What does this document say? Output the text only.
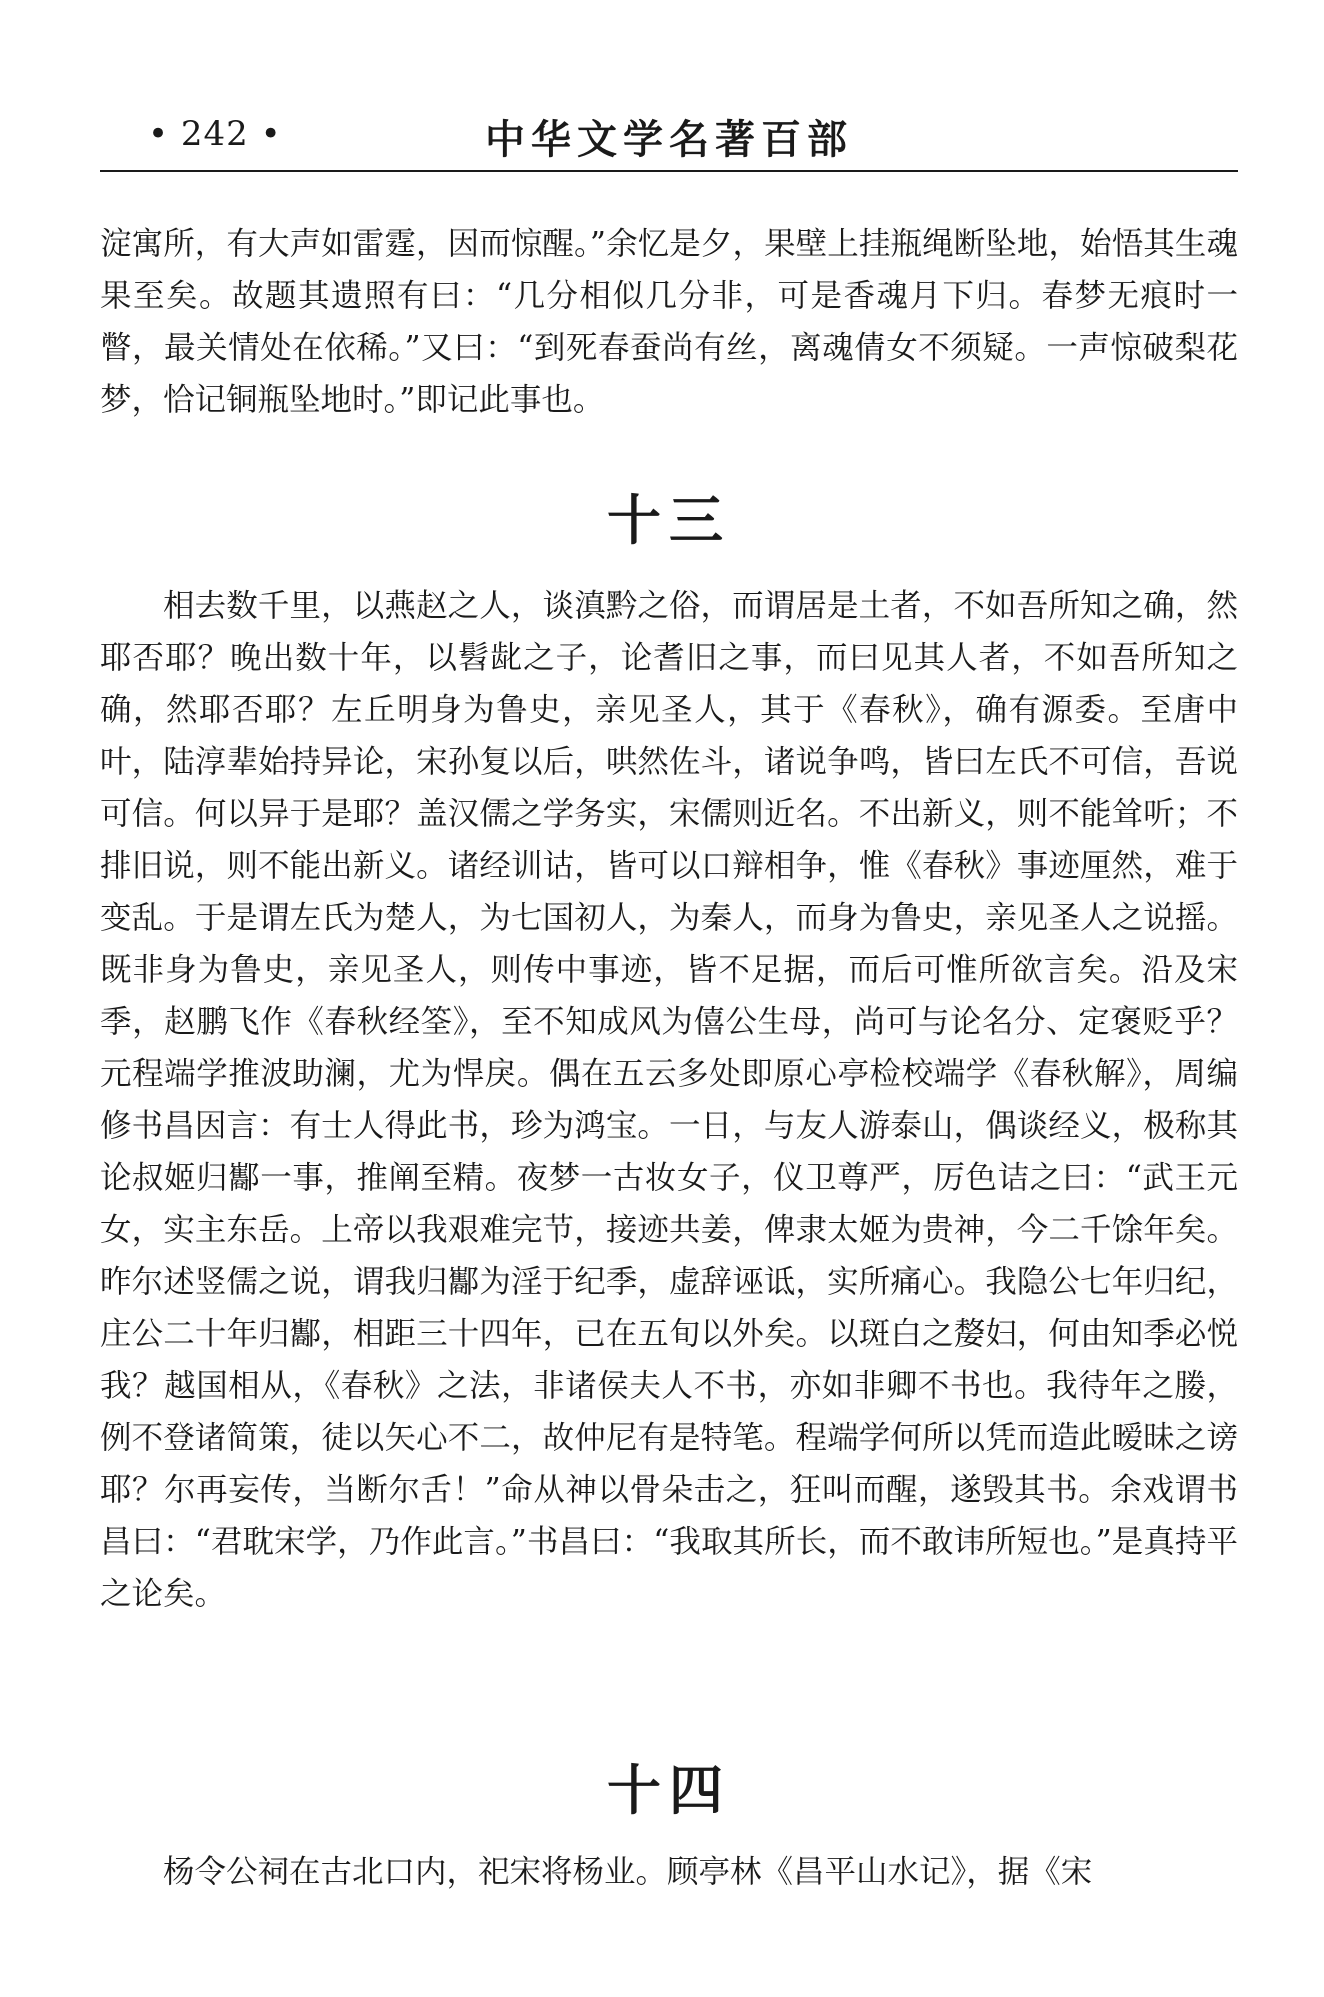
• 242 •	中华文学名著百部

淀寓所，有大声如雷霆，因而惊醒。”余忆是夕，果壁上挂瓶绳断坠地，始悟其生魂果至矣。故题其遗照有曰：“几分相似几分非，可是香魂月下归。春梦无痕时一瞥，最关情处在依稀。”又曰：“到死春蚕尚有丝，离魂倩女不须疑。一声惊破梨花梦，恰记铜瓶坠地时。”即记此事也。

十三

相去数千里，以燕赵之人，谈滇黔之俗，而谓居是土者，不如吾所知之确，然耶否耶？晚出数十年，以髫龀之子，论耆旧之事，而曰见其人者，不如吾所知之确，然耶否耶？左丘明身为鲁史，亲见圣人，其于《春秋》，确有源委。至唐中叶，陆淳辈始持异论，宋孙复以后，哄然佐斗，诸说争鸣，皆曰左氏不可信，吾说可信。何以异于是耶？盖汉儒之学务实，宋儒则近名。不出新义，则不能耸听；不排旧说，则不能出新义。诸经训诂，皆可以口辩相争，惟《春秋》事迹厘然，难于变乱。于是谓左氏为楚人，为七国初人，为秦人，而身为鲁史，亲见圣人之说摇。既非身为鲁史，亲见圣人，则传中事迹，皆不足据，而后可惟所欲言矣。沿及宋季，赵鹏飞作《春秋经筌》，至不知成风为僖公生母，尚可与论名分、定褒贬乎？元程端学推波助澜，尤为悍戾。偶在五云多处即原心亭检校端学《春秋解》，周编修书昌因言：有士人得此书，珍为鸿宝。一日，与友人游泰山，偶谈经义，极称其论叔姬归酅一事，推阐至精。夜梦一古妆女子，仪卫尊严，厉色诘之曰：“武王元女，实主东岳。上帝以我艰难完节，接迹共姜，俾隶太姬为贵神，今二千馀年矣。昨尔述竖儒之说，谓我归酅为淫于纪季，虚辞诬诋，实所痛心。我隐公七年归纪，庄公二十年归酅，相距三十四年，已在五旬以外矣。以斑白之嫠妇，何由知季必悦我？越国相从，《春秋》之法，非诸侯夫人不书，亦如非卿不书也。我待年之媵，例不登诸简策，徒以矢心不二，故仲尼有是特笔。程端学何所以凭而造此暧昧之谤耶？尔再妄传，当断尔舌！”命从神以骨朵击之，狂叫而醒，遂毁其书。余戏谓书昌曰：“君耽宋学，乃作此言。”书昌曰：“我取其所长，而不敢讳所短也。”是真持平之论矣。

十四

杨令公祠在古北口内，祀宋将杨业。顾亭林《昌平山水记》，据《宋
